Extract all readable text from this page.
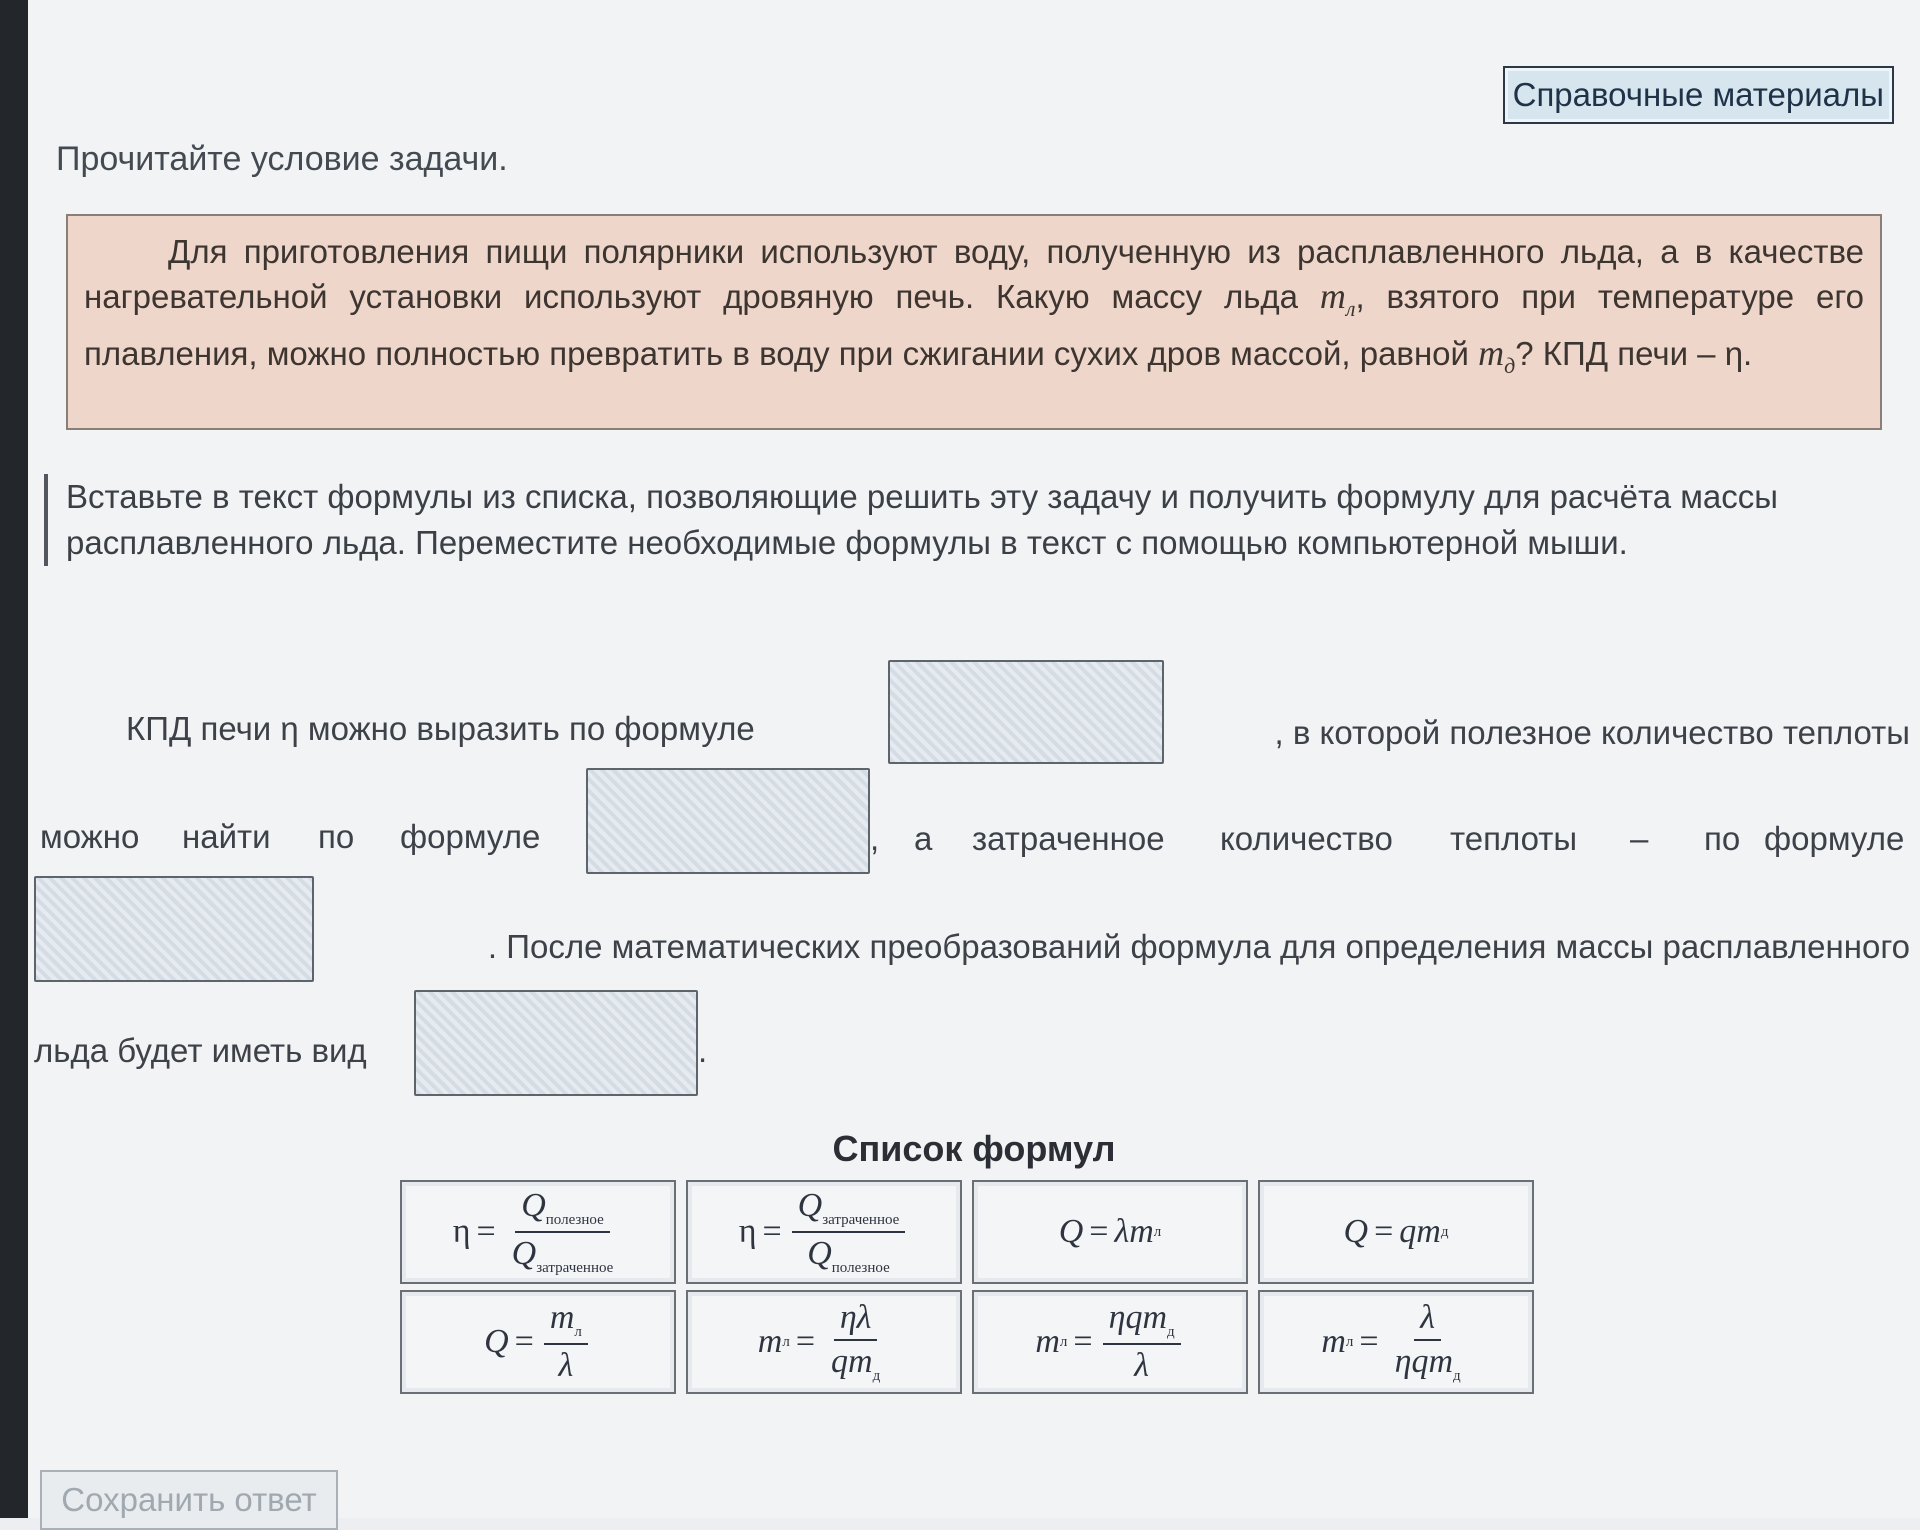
Справочные материалы
Прочитайте условие задачи.

Для приготовления пищи полярники используют воду, полученную из расплавленного льда, а в качестве нагревательной установки используют дровяную печь. Какую массу льда $m_л$, взятого при температуре его плавления, можно полностью превратить в воду при сжигании сухих дров массой, равной $m_д$? КПД печи – η.

Вставьте в текст формулы из списка, позволяющие решить эту задачу и получить формулу для расчёта массы расплавленного льда. Переместите необходимые формулы в текст с помощью компьютерной мыши.
КПД печи η можно выразить по формуле	, в которой полезное количество теплоты
можно найти по формуле	, а затраченное количество теплоты – по формуле
. После математических преобразований формула для определения массы расплавленного
льда будет иметь вид	.
Список формул
$\eta = \frac{Q_{полезное}}{Q_{затраченное}}$	$\eta = \frac{Q_{затраченное}}{Q_{полезное}}$	Q = λm л	Q = qm д
$Q = \frac{m_л}{\lambda}$	m $л = \frac{\eta\lambda}{qm_д}$	m $л = \frac{\eta qm_д}{\lambda}$	m $л = \frac{\lambda}{\eta qm_д}$
Сохранить ответ
